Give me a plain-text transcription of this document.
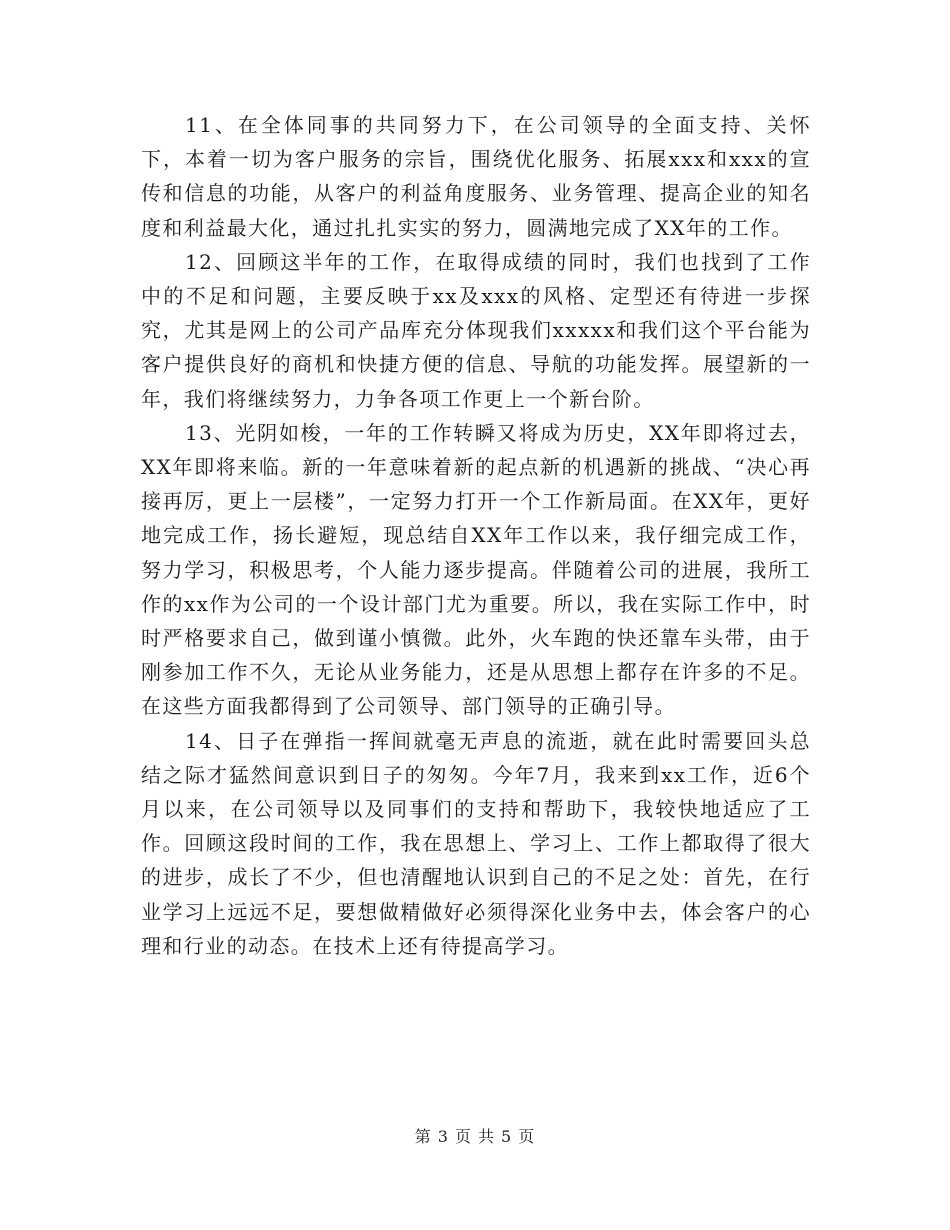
11、在全体同事的共同努力下，在公司领导的全面支持、关怀下，本着一切为客户服务的宗旨，围绕优化服务、拓展xxx和xxx的宣传和信息的功能，从客户的利益角度服务、业务管理、提高企业的知名度和利益最大化，通过扎扎实实的努力，圆满地完成了XX年的工作。

12、回顾这半年的工作，在取得成绩的同时，我们也找到了工作中的不足和问题，主要反映于xx及xxx的风格、定型还有待进一步探究，尤其是网上的公司产品库充分体现我们xxxxx和我们这个平台能为客户提供良好的商机和快捷方便的信息、导航的功能发挥。展望新的一年，我们将继续努力，力争各项工作更上一个新台阶。

13、光阴如梭，一年的工作转瞬又将成为历史，XX年即将过去，XX年即将来临。新的一年意味着新的起点新的机遇新的挑战、“决心再接再厉，更上一层楼”，一定努力打开一个工作新局面。在XX年，更好地完成工作，扬长避短，现总结自XX年工作以来，我仔细完成工作，努力学习，积极思考，个人能力逐步提高。伴随着公司的进展，我所工作的xx作为公司的一个设计部门尤为重要。所以，我在实际工作中，时时严格要求自己，做到谨小慎微。此外，火车跑的快还靠车头带，由于刚参加工作不久，无论从业务能力，还是从思想上都存在许多的不足。在这些方面我都得到了公司领导、部门领导的正确引导。

14、日子在弹指一挥间就毫无声息的流逝，就在此时需要回头总结之际才猛然间意识到日子的匆匆。今年7月，我来到xx工作，近6个月以来，在公司领导以及同事们的支持和帮助下，我较快地适应了工作。回顾这段时间的工作，我在思想上、学习上、工作上都取得了很大的进步，成长了不少，但也清醒地认识到自己的不足之处：首先，在行业学习上远远不足，要想做精做好必须得深化业务中去，体会客户的心理和行业的动态。在技术上还有待提高学习。

第 3 页 共 5 页
